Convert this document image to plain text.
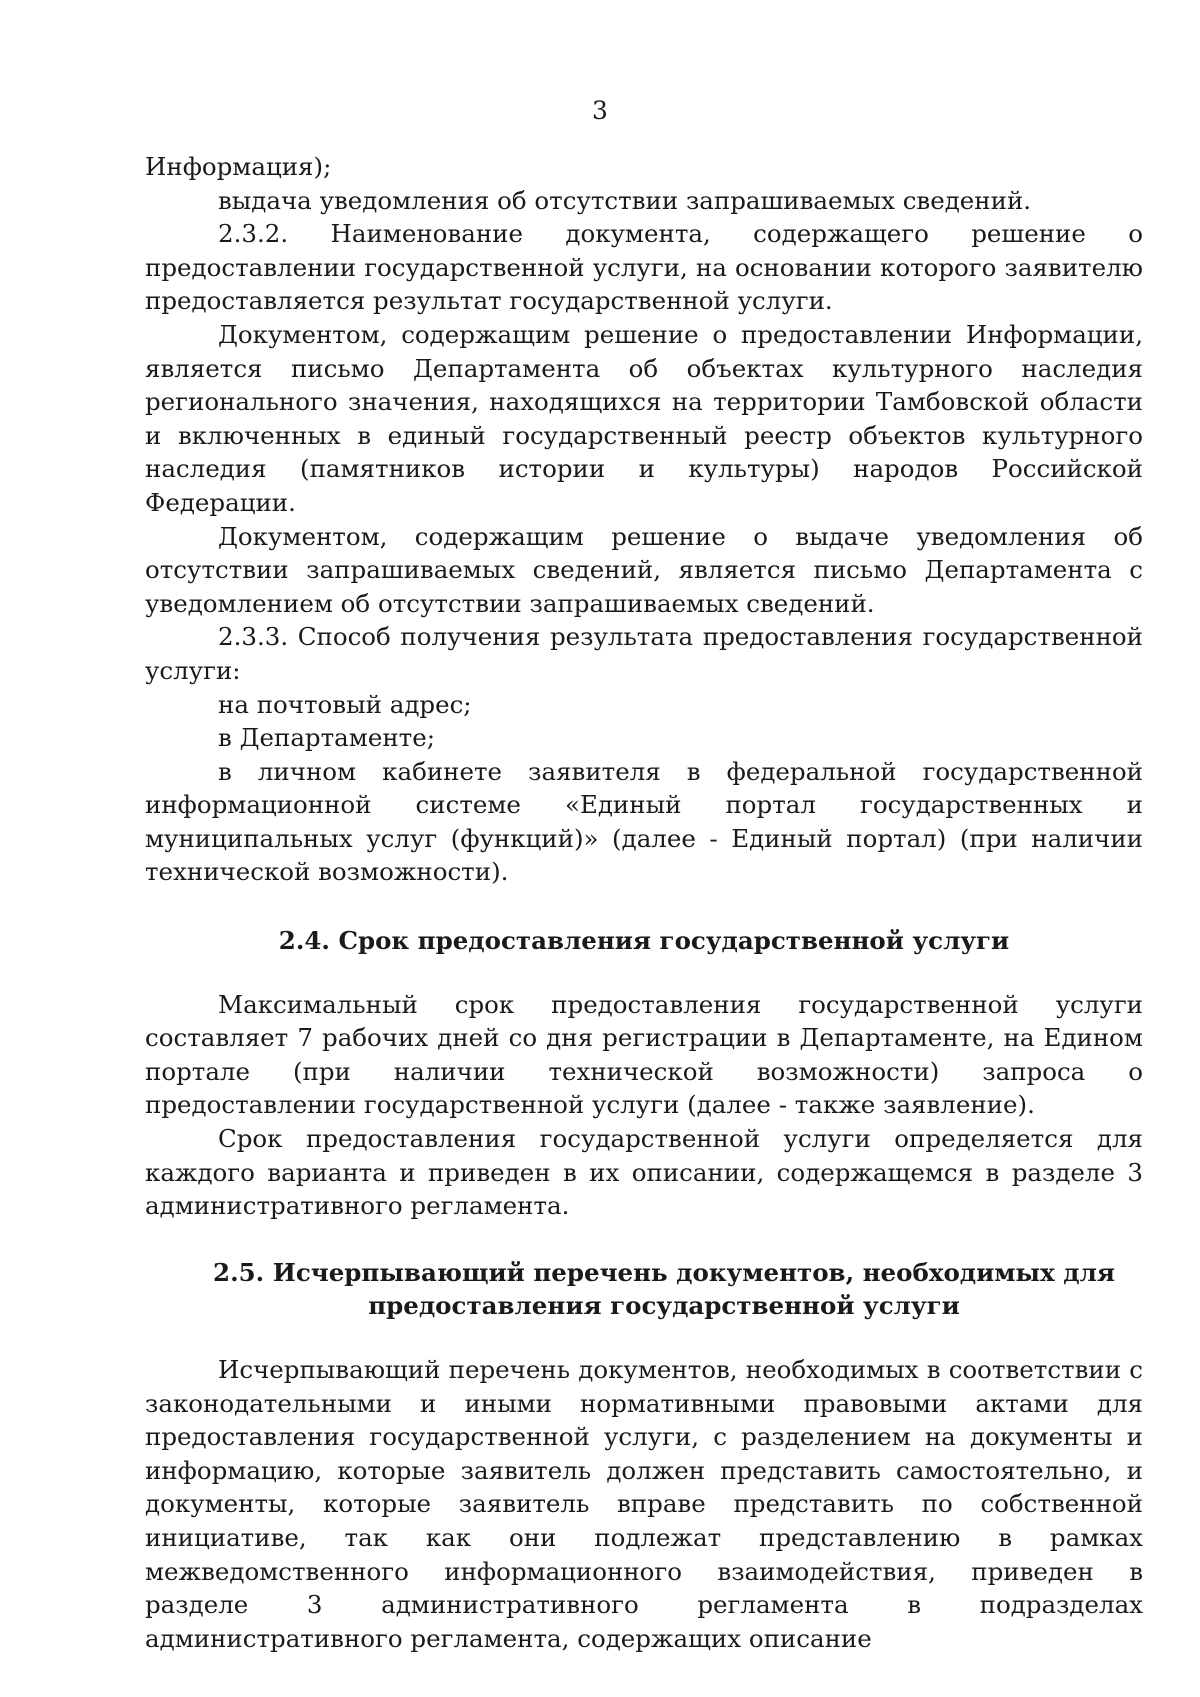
3

Информация);

выдача уведомления об отсутствии запрашиваемых сведений.

2.3.2. Наименование документа, содержащего решение о предоставлении государственной услуги, на основании которого заявителю предоставляется результат государственной услуги.

Документом, содержащим решение о предоставлении Информации, является письмо Департамента об объектах культурного наследия регионального значения, находящихся на территории Тамбовской области и включенных в единый государственный реестр объектов культурного наследия (памятников истории и культуры) народов Российской Федерации.

Документом, содержащим решение о выдаче уведомления об отсутствии запрашиваемых сведений, является письмо Департамента с уведомлением об отсутствии запрашиваемых сведений.

2.3.3. Способ получения результата предоставления государственной услуги:

на почтовый адрес;

в Департаменте;

в личном кабинете заявителя в федеральной государственной информационной системе «Единый портал государственных и муниципальных услуг (функций)» (далее - Единый портал) (при наличии технической возможности).

2.4. Срок предоставления государственной услуги

Максимальный срок предоставления государственной услуги составляет 7 рабочих дней со дня регистрации в Департаменте, на Едином портале (при наличии технической возможности) запроса о предоставлении государственной услуги (далее - также заявление).

Срок предоставления государственной услуги определяется для каждого варианта и приведен в их описании, содержащемся в разделе 3 административного регламента.

2.5. Исчерпывающий перечень документов, необходимых для
предоставления государственной услуги

Исчерпывающий перечень документов, необходимых в соответствии с законодательными и иными нормативными правовыми актами для предоставления государственной услуги, с разделением на документы и информацию, которые заявитель должен представить самостоятельно, и документы, которые заявитель вправе представить по собственной инициативе, так как они подлежат представлению в рамках межведомственного информационного взаимодействия, приведен в разделе 3 административного регламента в подразделах административного регламента, содержащих описание
